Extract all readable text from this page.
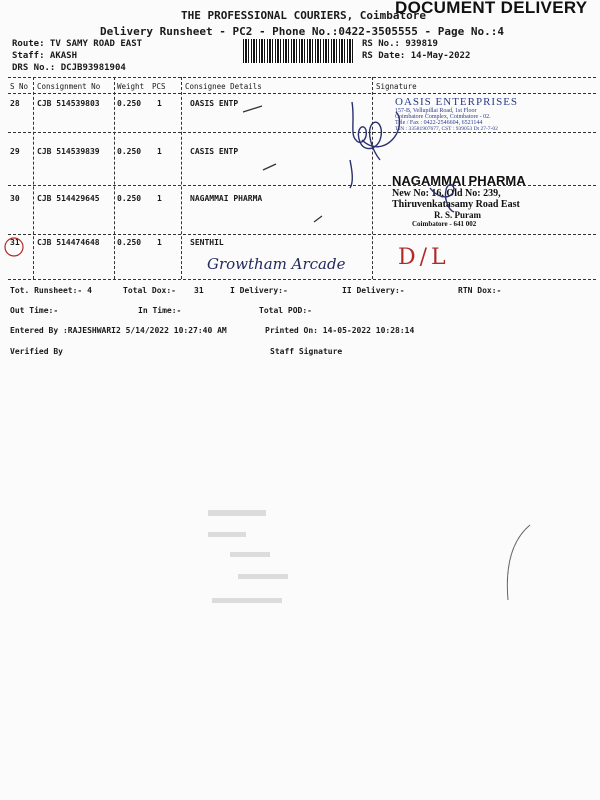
THE PROFESSIONAL COURIERS, Coimbatore
DOCUMENT DELIVERY
Delivery Runsheet - PC2 - Phone No.:0422-3505555 - Page No.:4
Route: TV SAMY ROAD EAST
Staff: AKASH
DRS No.: DCJB93981904
RS No.: 939819
RS Date: 14-May-2022
S No Consignment No Weight PCS	Consignee Details	Signature
28 CJB 514539803 0.250 1	OASIS ENTP
29 CJB 514539839 0.250 1	CASIS ENTP
30 CJB 514429645 0.250 1	NAGAMMAI PHARMA
31 CJB 514474648 0.250 1	SENTHIL
Growtham Arcade D/L
OASIS ENTERPRISES
157-B, Vellupillai Road, 1st Floor
Coimbatore Complex, Coimbatore - 02.
Tele / Fax : 0422-2546604, 6521144
TIN : 33581907677, CST : 939053 Dt 27-7-02
NAGAMMAI PHARMA
New No: 16, Old No: 239,
Thiruvenkatasamy Road East
R. S. Puram
Coimbatore - 641 002
Tot. Runsheet:- 4	Total Dox:- 31	I Delivery:-	II Delivery:-	RTN Dox:-
Out Time:-	In Time:-	Total POD:-
Entered By :RAJESHWARI2 5/14/2022 10:27:40 AM	Printed On: 14-05-2022 10:28:14
Verified By	Staff Signature
